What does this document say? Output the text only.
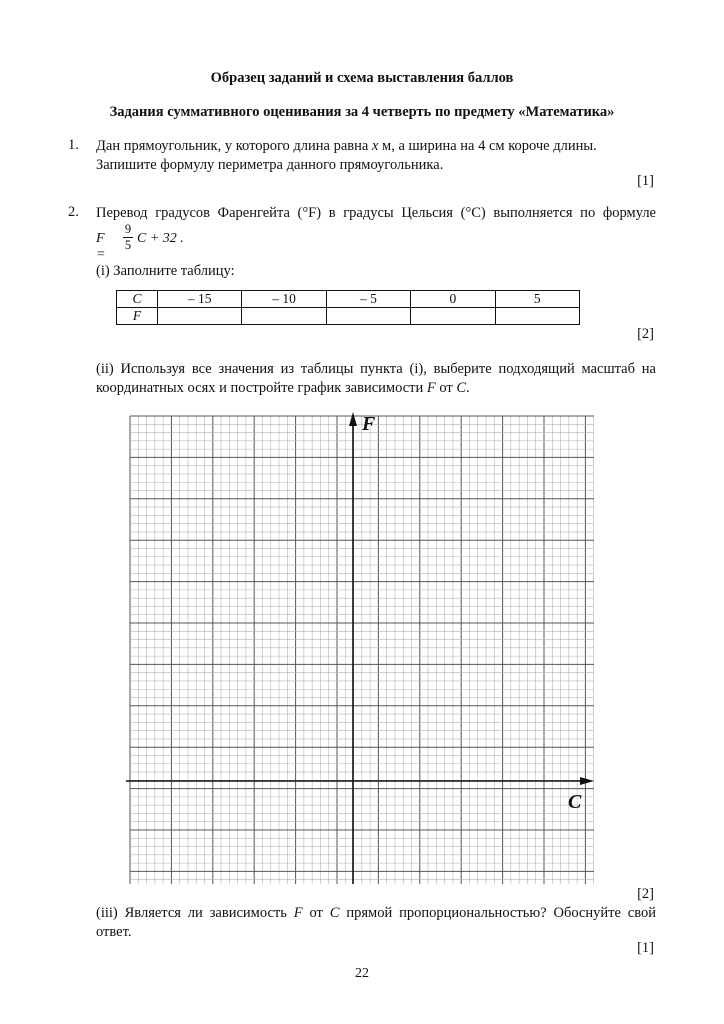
Образец заданий и схема выставления баллов
Задания суммативного оценивания за 4 четверть по предмету «Математика»
1. Дан прямоугольник, у которого длина равна x м, а ширина на 4 см короче длины.
Запишите формулу периметра данного прямоугольника.
[1]
2. Перевод градусов Фаренгейта (°F) в градусы Цельсия (°C) выполняется по формуле
F =
9
5 C + 32 .
(i) Заполните таблицу:
C	– 15	– 10	– 5	0	5
F					
[2]
(ii) Используя все значения из таблицы пункта (i), выберите подходящий масштаб на
координатных осях и постройте график зависимости F от C.
F
C
[2]
(iii) Является ли зависимость F от C прямой пропорциональностью? Обоснуйте свой
ответ.
[1]
22
